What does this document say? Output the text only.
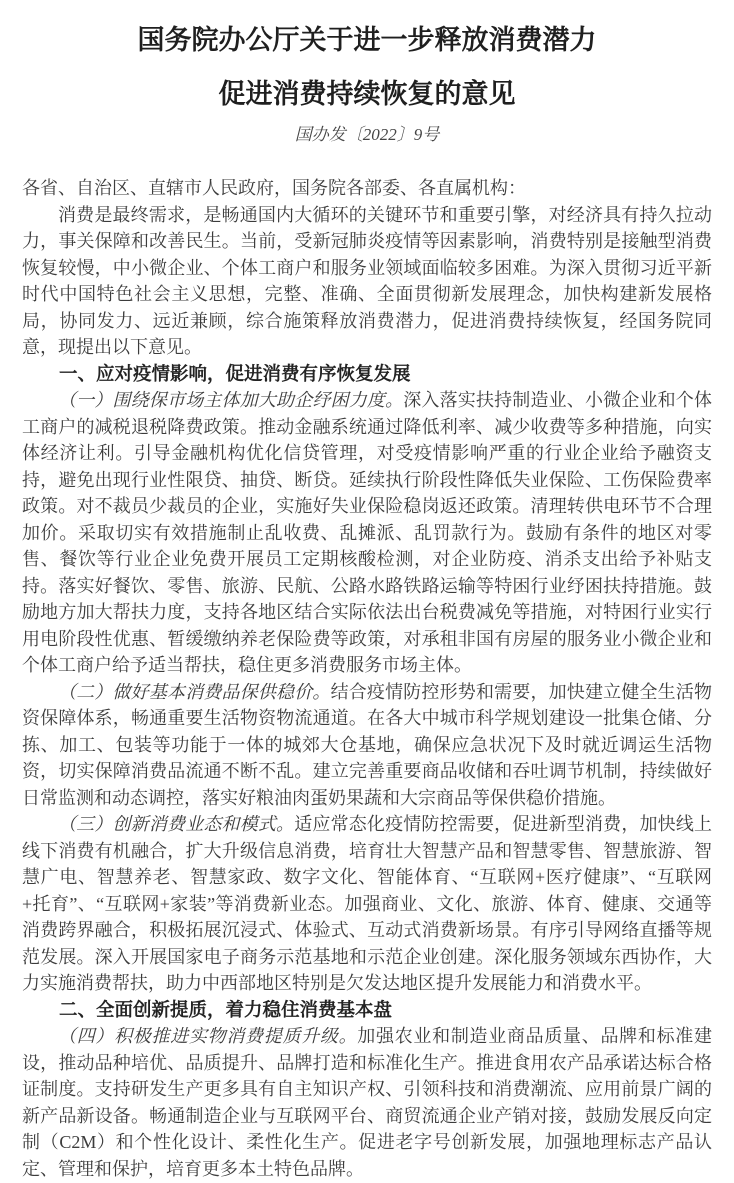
国务院办公厅关于进一步释放消费潜力
促进消费持续恢复的意见
国办发〔2022〕9号

各省、自治区、直辖市人民政府，国务院各部委、各直属机构：

消费是最终需求，是畅通国内大循环的关键环节和重要引擎，对经济具有持久拉动力，事关保障和改善民生。当前，受新冠肺炎疫情等因素影响，消费特别是接触型消费恢复较慢，中小微企业、个体工商户和服务业领域面临较多困难。为深入贯彻习近平新时代中国特色社会主义思想，完整、准确、全面贯彻新发展理念，加快构建新发展格局，协同发力、远近兼顾，综合施策释放消费潜力，促进消费持续恢复，经国务院同意，现提出以下意见。

一、应对疫情影响，促进消费有序恢复发展

（一）围绕保市场主体加大助企纾困力度。深入落实扶持制造业、小微企业和个体工商户的减税退税降费政策。推动金融系统通过降低利率、减少收费等多种措施，向实体经济让利。引导金融机构优化信贷管理，对受疫情影响严重的行业企业给予融资支持，避免出现行业性限贷、抽贷、断贷。延续执行阶段性降低失业保险、工伤保险费率政策。对不裁员少裁员的企业，实施好失业保险稳岗返还政策。清理转供电环节不合理加价。采取切实有效措施制止乱收费、乱摊派、乱罚款行为。鼓励有条件的地区对零售、餐饮等行业企业免费开展员工定期核酸检测，对企业防疫、消杀支出给予补贴支持。落实好餐饮、零售、旅游、民航、公路水路铁路运输等特困行业纾困扶持措施。鼓励地方加大帮扶力度，支持各地区结合实际依法出台税费减免等措施，对特困行业实行用电阶段性优惠、暂缓缴纳养老保险费等政策，对承租非国有房屋的服务业小微企业和个体工商户给予适当帮扶，稳住更多消费服务市场主体。

（二）做好基本消费品保供稳价。结合疫情防控形势和需要，加快建立健全生活物资保障体系，畅通重要生活物资物流通道。在各大中城市科学规划建设一批集仓储、分拣、加工、包装等功能于一体的城郊大仓基地，确保应急状况下及时就近调运生活物资，切实保障消费品流通不断不乱。建立完善重要商品收储和吞吐调节机制，持续做好日常监测和动态调控，落实好粮油肉蛋奶果蔬和大宗商品等保供稳价措施。

（三）创新消费业态和模式。适应常态化疫情防控需要，促进新型消费，加快线上线下消费有机融合，扩大升级信息消费，培育壮大智慧产品和智慧零售、智慧旅游、智慧广电、智慧养老、智慧家政、数字文化、智能体育、“互联网+医疗健康”、“互联网+托育”、“互联网+家装”等消费新业态。加强商业、文化、旅游、体育、健康、交通等消费跨界融合，积极拓展沉浸式、体验式、互动式消费新场景。有序引导网络直播等规范发展。深入开展国家电子商务示范基地和示范企业创建。深化服务领域东西协作，大力实施消费帮扶，助力中西部地区特别是欠发达地区提升发展能力和消费水平。

二、全面创新提质，着力稳住消费基本盘

（四）积极推进实物消费提质升级。加强农业和制造业商品质量、品牌和标准建设，推动品种培优、品质提升、品牌打造和标准化生产。推进食用农产品承诺达标合格证制度。支持研发生产更多具有自主知识产权、引领科技和消费潮流、应用前景广阔的新产品新设备。畅通制造企业与互联网平台、商贸流通企业产销对接，鼓励发展反向定制（C2M）和个性化设计、柔性化生产。促进老字号创新发展，加强地理标志产品认定、管理和保护，培育更多本土特色品牌。
